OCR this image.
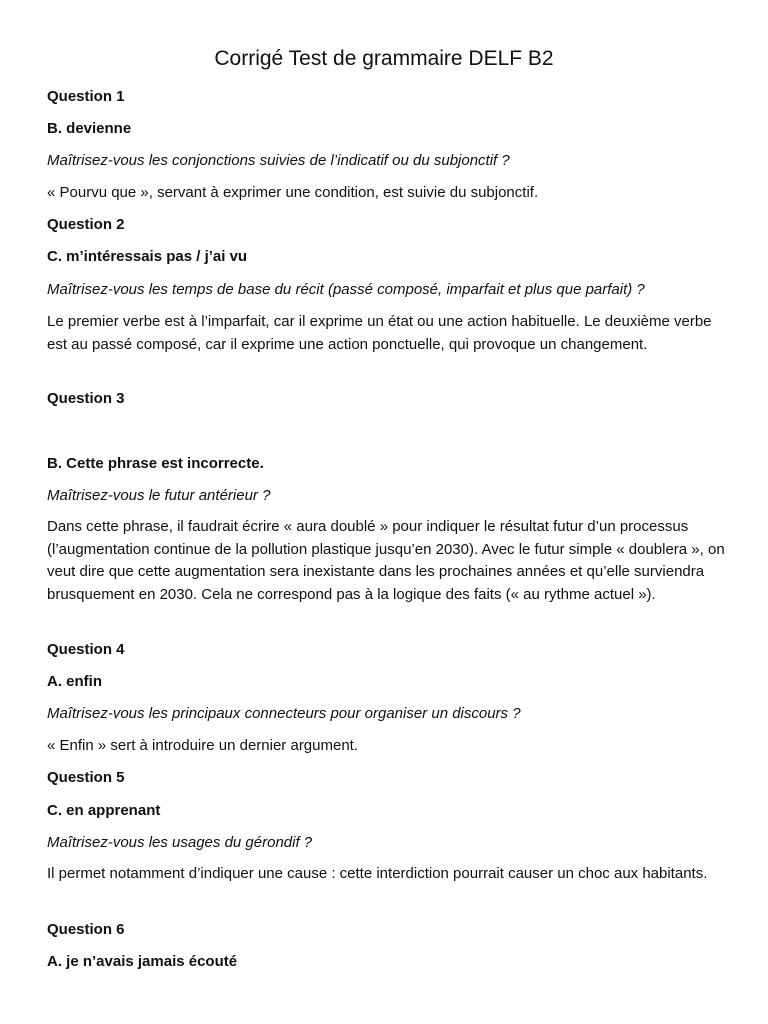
Corrigé Test de grammaire DELF B2

Question 1

B. devienne

Maîtrisez-vous les conjonctions suivies de l’indicatif ou du subjonctif ?

« Pourvu que », servant à exprimer une condition, est suivie du subjonctif.

Question 2

C. m’intéressais pas / j’ai vu

Maîtrisez-vous les temps de base du récit (passé composé, imparfait et plus que parfait) ?

Le premier verbe est à l’imparfait, car il exprime un état ou une action habituelle. Le deuxième verbe est au passé composé, car il exprime une action ponctuelle, qui provoque un changement.

Question 3

B. Cette phrase est incorrecte.

Maîtrisez-vous le futur antérieur ?

Dans cette phrase, il faudrait écrire « aura doublé » pour indiquer le résultat futur d’un processus (l’augmentation continue de la pollution plastique jusqu’en 2030). Avec le futur simple « doublera », on veut dire que cette augmentation sera inexistante dans les prochaines années et qu’elle surviendra brusquement en 2030. Cela ne correspond pas à la logique des faits (« au rythme actuel »).

Question 4

A. enfin

Maîtrisez-vous les principaux connecteurs pour organiser un discours ?

« Enfin » sert à introduire un dernier argument.

Question 5

C. en apprenant

Maîtrisez-vous les usages du gérondif ?

Il permet notamment d’indiquer une cause : cette interdiction pourrait causer un choc aux habitants.

Question 6

A. je n’avais jamais écouté
